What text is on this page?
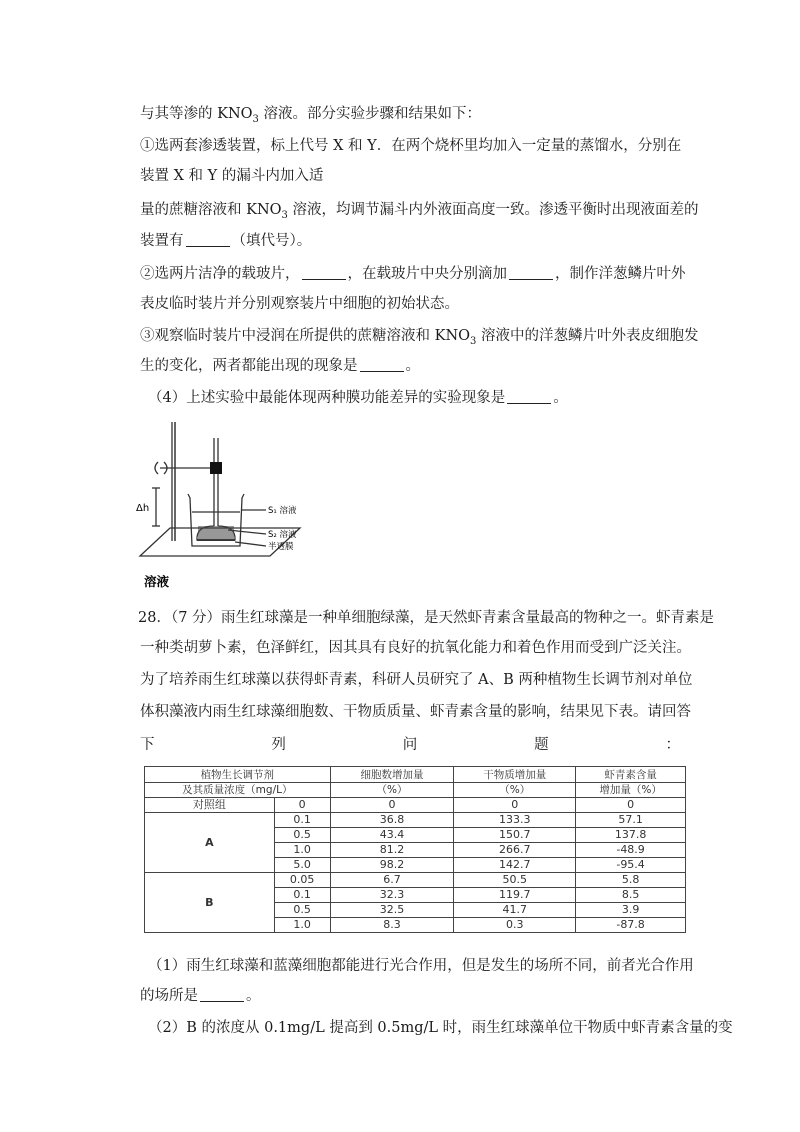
与其等渗的 $KNO_3$ 溶液。部分实验步骤和结果如下：
①选两套渗透装置，标上代号 X 和 Y．在两个烧杯里均加入一定量的蒸馏水，分别在
装置 X 和 Y 的漏斗内加入适
量的蔗糖溶液和 $KNO_3$ 溶液，均调节漏斗内外液面高度一致。渗透平衡时出现液面差的
装置有	（填代号）。
②选两片洁净的载玻片，	，在载玻片中央分别滴加	，制作洋葱鳞片叶外
表皮临时装片并分别观察装片中细胞的初始状态。
③观察临时装片中浸润在所提供的蔗糖溶液和 $KNO_3$ 溶液中的洋葱鳞片叶外表皮细胞发
生的变化，两者都能出现的现象是	。
（4）上述实验中最能体现两种膜功能差异的实验现象是	。
Δh	S₁ 溶液
S₂ 溶液
半透膜
溶液
28．（7 分）雨生红球藻是一种单细胞绿藻，是天然虾青素含量最高的物种之一。虾青素是
一种类胡萝卜素，色泽鲜红，因其具有良好的抗氧化能力和着色作用而受到广泛关注。
为了培养雨生红球藻以获得虾青素，科研人员研究了 A、B 两种植物生长调节剂对单位
体积藻液内雨生红球藻细胞数、干物质质量、虾青素含量的影响，结果见下表。请回答
下	列	问	题	：
植物生长调节剂		细胞数增加量	干物质增加量	虾青素含量
及其质量浓度（mg/L）		（%）	（%）	增加量（%）
对照组	0	0	0	0
A	0.1	36.8	133.3	57.1
	0.5	43.4	150.7	137.8
	1.0	81.2	266.7	-48.9
	5.0	98.2	142.7	-95.4
B	0.05	6.7	50.5	5.8
	0.1	32.3	119.7	8.5
	0.5	32.5	41.7	3.9
	1.0	8.3	0.3	-87.8
（1）雨生红球藻和蓝藻细胞都能进行光合作用，但是发生的场所不同，前者光合作用
的场所是	。
（2）B 的浓度从 0.1mg/L 提高到 0.5mg/L 时，雨生红球藻单位干物质中虾青素含量的变
